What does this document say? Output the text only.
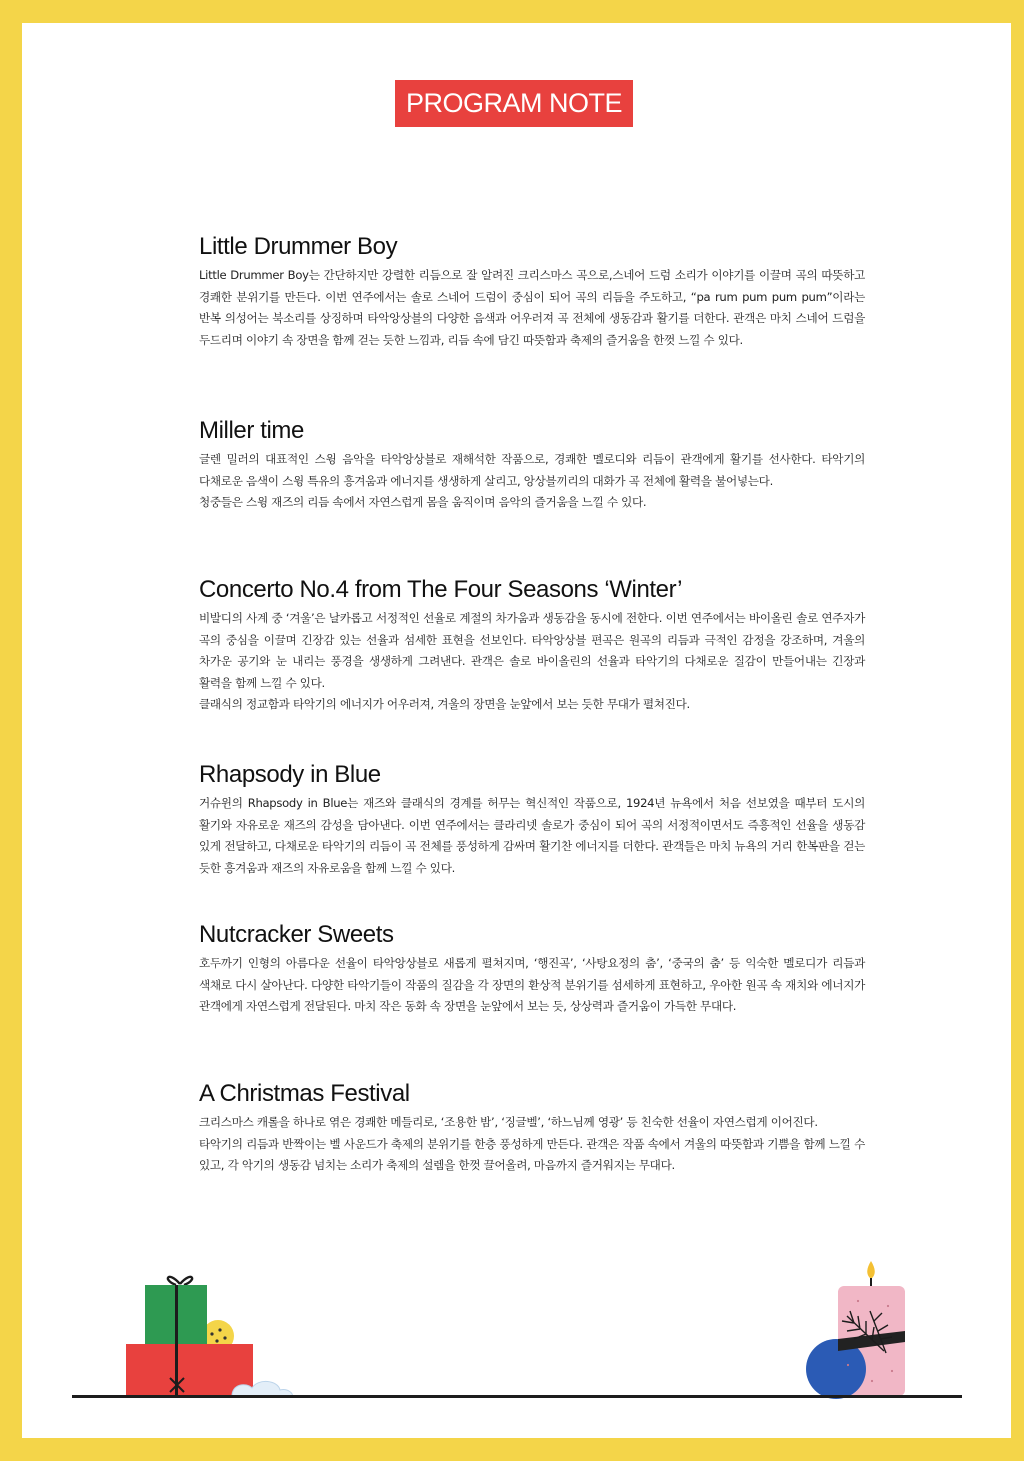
PROGRAM NOTE
Little Drummer Boy

Little Drummer Boy는 간단하지만 강렬한 리듬으로 잘 알려진 크리스마스 곡으로,스네어 드럼 소리가 이야기를 이끌며 곡의 따뜻하고 경쾌한 분위기를 만든다. 이번 연주에서는 솔로 스네어 드럼이 중심이 되어 곡의 리듬을 주도하고, “pa rum pum pum pum”이라는 반복 의성어는 북소리를 상징하며 타악앙상블의 다양한 음색과 어우러져 곡 전체에 생동감과 활기를 더한다. 관객은 마치 스네어 드럼을 두드리며 이야기 속 장면을 함께 걷는 듯한 느낌과, 리듬 속에 담긴 따뜻함과 축제의 즐거움을 한껏 느낄 수 있다.

Miller time

글렌 밀러의 대표적인 스윙 음악을 타악앙상블로 재해석한 작품으로, 경쾌한 멜로디와 리듬이 관객에게 활기를 선사한다. 타악기의 다채로운 음색이 스윙 특유의 흥겨움과 에너지를 생생하게 살리고, 앙상블끼리의 대화가 곡 전체에 활력을 불어넣는다.

청중들은 스윙 재즈의 리듬 속에서 자연스럽게 몸을 움직이며 음악의 즐거움을 느낄 수 있다.

Concerto No.4 from The Four Seasons ‘Winter’

비발디의 사계 중 ‘겨울’은 날카롭고 서정적인 선율로 계절의 차가움과 생동감을 동시에 전한다. 이번 연주에서는 바이올린 솔로 연주자가 곡의 중심을 이끌며 긴장감 있는 선율과 섬세한 표현을 선보인다. 타악앙상블 편곡은 원곡의 리듬과 극적인 감정을 강조하며, 겨울의 차가운 공기와 눈 내리는 풍경을 생생하게 그려낸다. 관객은 솔로 바이올린의 선율과 타악기의 다채로운 질감이 만들어내는 긴장과 활력을 함께 느낄 수 있다.

클래식의 정교함과 타악기의 에너지가 어우러져, 겨울의 장면을 눈앞에서 보는 듯한 무대가 펼쳐진다.

Rhapsody in Blue

거슈윈의 Rhapsody in Blue는 재즈와 클래식의 경계를 허무는 혁신적인 작품으로, 1924년 뉴욕에서 처음 선보였을 때부터 도시의 활기와 자유로운 재즈의 감성을 담아낸다. 이번 연주에서는 클라리넷 솔로가 중심이 되어 곡의 서정적이면서도 즉흥적인 선율을 생동감 있게 전달하고, 다채로운 타악기의 리듬이 곡 전체를 풍성하게 감싸며 활기찬 에너지를 더한다. 관객들은 마치 뉴욕의 거리 한복판을 걷는 듯한 흥겨움과 재즈의 자유로움을 함께 느낄 수 있다.

Nutcracker Sweets

호두까기 인형의 아름다운 선율이 타악앙상블로 새롭게 펼쳐지며, ‘행진곡’, ‘사탕요정의 춤’, ‘중국의 춤’ 등 익숙한 멜로디가 리듬과 색채로 다시 살아난다. 다양한 타악기들이 작품의 질감을 각 장면의 환상적 분위기를 섬세하게 표현하고, 우아한 원곡 속 재치와 에너지가 관객에게 자연스럽게 전달된다. 마치 작은 동화 속 장면을 눈앞에서 보는 듯, 상상력과 즐거움이 가득한 무대다.

A Christmas Festival

크리스마스 캐롤을 하나로 엮은 경쾌한 메들리로, ‘조용한 밤’, ‘징글벨’, ‘하느님께 영광’ 등 친숙한 선율이 자연스럽게 이어진다.

타악기의 리듬과 반짝이는 벨 사운드가 축제의 분위기를 한층 풍성하게 만든다. 관객은 작품 속에서 겨울의 따뜻함과 기쁨을 함께 느낄 수 있고, 각 악기의 생동감 넘치는 소리가 축제의 설렘을 한껏 끌어올려, 마음까지 즐거워지는 무대다.
